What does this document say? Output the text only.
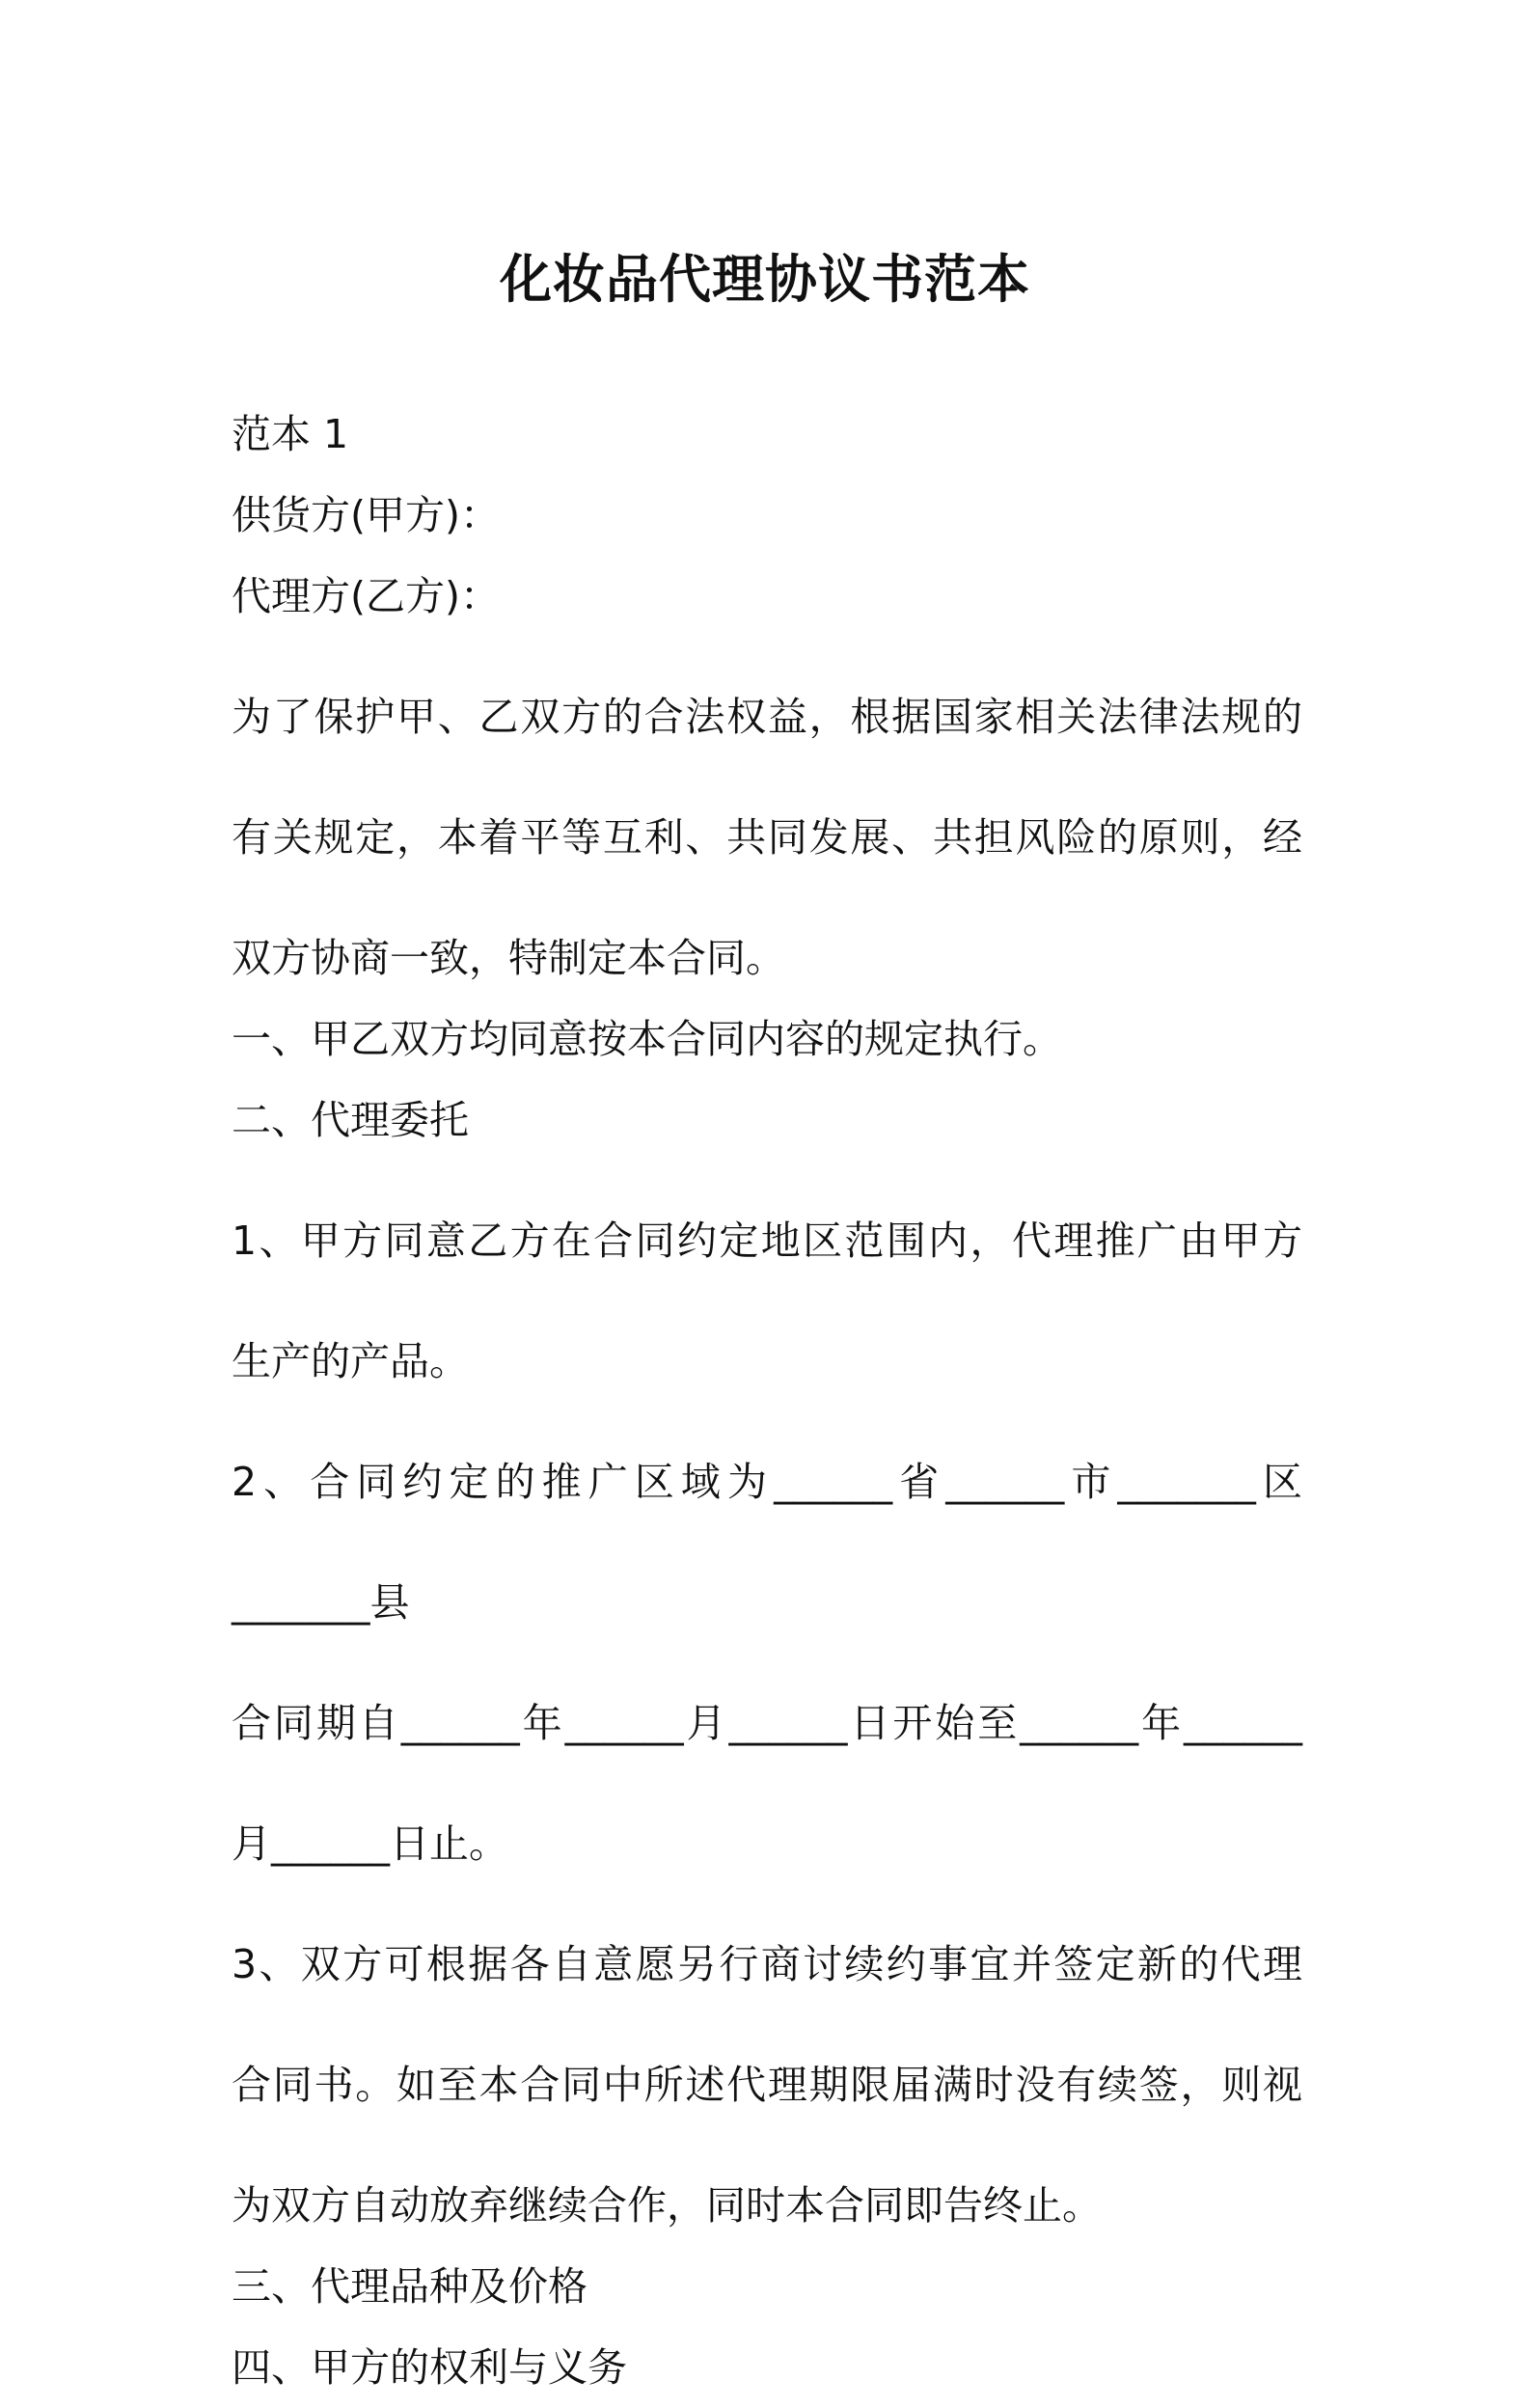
化妆品代理协议书范本

范本 1

供货方(甲方)：

代理方(乙方)：

为了保护甲、乙双方的合法权益，根据国家相关法律法规的

有关规定，本着平等互利、共同发展、共担风险的原则，经

双方协商一致，特制定本合同。

一、甲乙双方均同意按本合同内容的规定执行。

二、代理委托

1、甲方同意乙方在合同约定地区范围内，代理推广由甲方

生产的产品。

2、合同约定的推广区域为______省______市_______区

_______县

合同期自______年______月______日开始至______年______

月______日止。

3、双方可根据各自意愿另行商讨续约事宜并签定新的代理

合同书。如至本合同中所述代理期限届满时没有续签，则视

为双方自动放弃继续合作，同时本合同即告终止。

三、代理品种及价格

四、甲方的权利与义务
